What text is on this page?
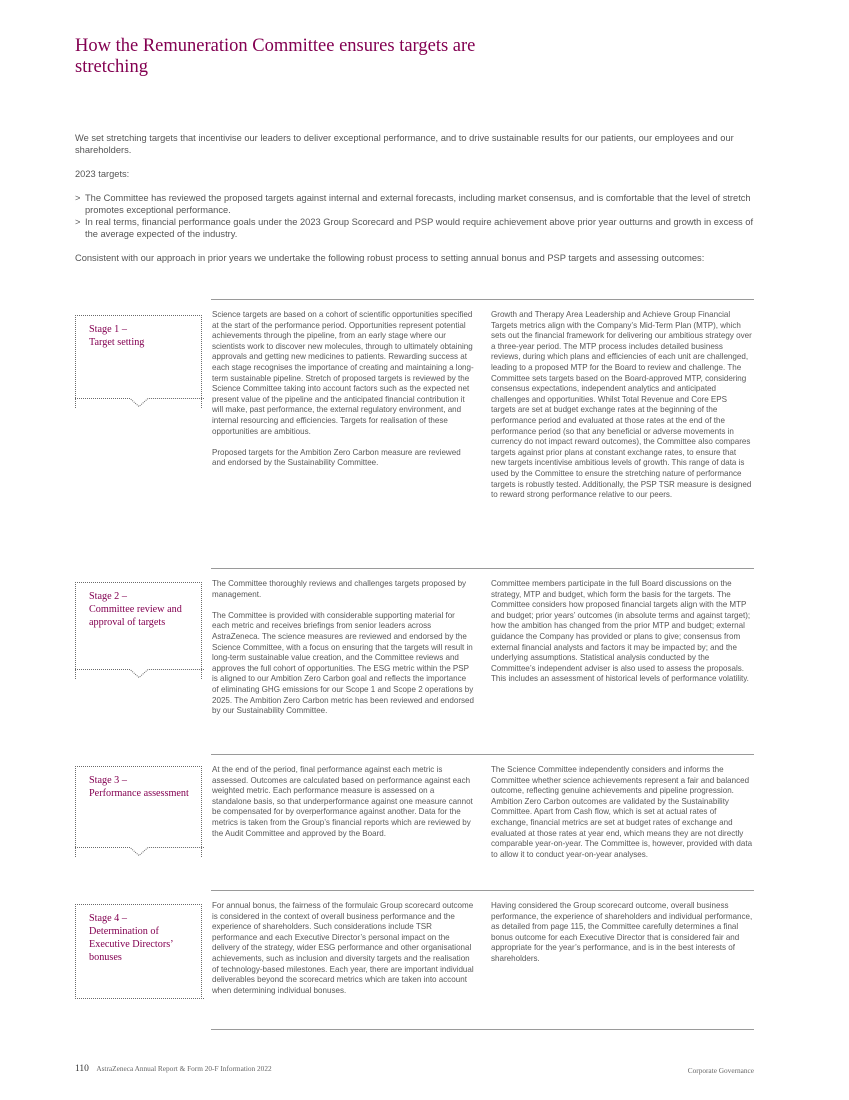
How the Remuneration Committee ensures targets are stretching

We set stretching targets that incentivise our leaders to deliver exceptional performance, and to drive sustainable results for our patients, our employees and our shareholders.

2023 targets:

> The Committee has reviewed the proposed targets against internal and external forecasts, including market consensus, and is comfortable that the level of stretch promotes exceptional performance.
> In real terms, financial performance goals under the 2023 Group Scorecard and PSP would require achievement above prior year outturns and growth in excess of the average expected of the industry.

Consistent with our approach in prior years we undertake the following robust process to setting annual bonus and PSP targets and assessing outcomes:

Stage 1 –
Target setting

Science targets are based on a cohort of scientific opportunities specified at the start of the performance period. Opportunities represent potential achievements through the pipeline, from an early stage where our scientists work to discover new molecules, through to ultimately obtaining approvals and getting new medicines to patients. Rewarding success at each stage recognises the importance of creating and maintaining a long-term sustainable pipeline. Stretch of proposed targets is reviewed by the Science Committee taking into account factors such as the expected net present value of the pipeline and the anticipated financial contribution it will make, past performance, the external regulatory environment, and internal resourcing and efficiencies. Targets for realisation of these opportunities are ambitious.

Proposed targets for the Ambition Zero Carbon measure are reviewed and endorsed by the Sustainability Committee.

Growth and Therapy Area Leadership and Achieve Group Financial Targets metrics align with the Company’s Mid-Term Plan (MTP), which sets out the financial framework for delivering our ambitious strategy over a three-year period. The MTP process includes detailed business reviews, during which plans and efficiencies of each unit are challenged, leading to a proposed MTP for the Board to review and challenge. The Committee sets targets based on the Board-approved MTP, considering consensus expectations, independent analytics and anticipated challenges and opportunities. Whilst Total Revenue and Core EPS targets are set at budget exchange rates at the beginning of the performance period and evaluated at those rates at the end of the performance period (so that any beneficial or adverse movements in currency do not impact reward outcomes), the Committee also compares targets against prior plans at constant exchange rates, to ensure that new targets incentivise ambitious levels of growth. This range of data is used by the Committee to ensure the stretching nature of performance targets is robustly tested. Additionally, the PSP TSR measure is designed to reward strong performance relative to our peers.

Stage 2 –
Committee review and approval of targets

The Committee thoroughly reviews and challenges targets proposed by management.

The Committee is provided with considerable supporting material for each metric and receives briefings from senior leaders across AstraZeneca. The science measures are reviewed and endorsed by the Science Committee, with a focus on ensuring that the targets will result in long-term sustainable value creation, and the Committee reviews and approves the full cohort of opportunities. The ESG metric within the PSP is aligned to our Ambition Zero Carbon goal and reflects the importance of eliminating GHG emissions for our Scope 1 and Scope 2 operations by 2025. The Ambition Zero Carbon metric has been reviewed and endorsed by our Sustainability Committee.

Committee members participate in the full Board discussions on the strategy, MTP and budget, which form the basis for the targets. The Committee considers how proposed financial targets align with the MTP and budget; prior years’ outcomes (in absolute terms and against target); how the ambition has changed from the prior MTP and budget; external guidance the Company has provided or plans to give; consensus from external financial analysts and factors it may be impacted by; and the underlying assumptions. Statistical analysis conducted by the Committee’s independent adviser is also used to assess the proposals. This includes an assessment of historical levels of performance volatility.

Stage 3 –
Performance assessment

At the end of the period, final performance against each metric is assessed. Outcomes are calculated based on performance against each weighted metric. Each performance measure is assessed on a standalone basis, so that underperformance against one measure cannot be compensated for by overperformance against another. Data for the metrics is taken from the Group’s financial reports which are reviewed by the Audit Committee and approved by the Board.

The Science Committee independently considers and informs the Committee whether science achievements represent a fair and balanced outcome, reflecting genuine achievements and pipeline progression. Ambition Zero Carbon outcomes are validated by the Sustainability Committee. Apart from Cash flow, which is set at actual rates of exchange, financial metrics are set at budget rates of exchange and evaluated at those rates at year end, which means they are not directly comparable year-on-year. The Committee is, however, provided with data to allow it to conduct year-on-year analyses.

Stage 4 –
Determination of Executive Directors’ bonuses

For annual bonus, the fairness of the formulaic Group scorecard outcome is considered in the context of overall business performance and the experience of shareholders. Such considerations include TSR performance and each Executive Director’s personal impact on the delivery of the strategy, wider ESG performance and other organisational achievements, such as inclusion and diversity targets and the realisation of technology-based milestones. Each year, there are important individual deliverables beyond the scorecard metrics which are taken into account when determining individual bonuses.

Having considered the Group scorecard outcome, overall business performance, the experience of shareholders and individual performance, as detailed from page 115, the Committee carefully determines a final bonus outcome for each Executive Director that is considered fair and appropriate for the year’s performance, and is in the best interests of shareholders.

110 AstraZeneca Annual Report & Form 20-F Information 2022	Corporate Governance
